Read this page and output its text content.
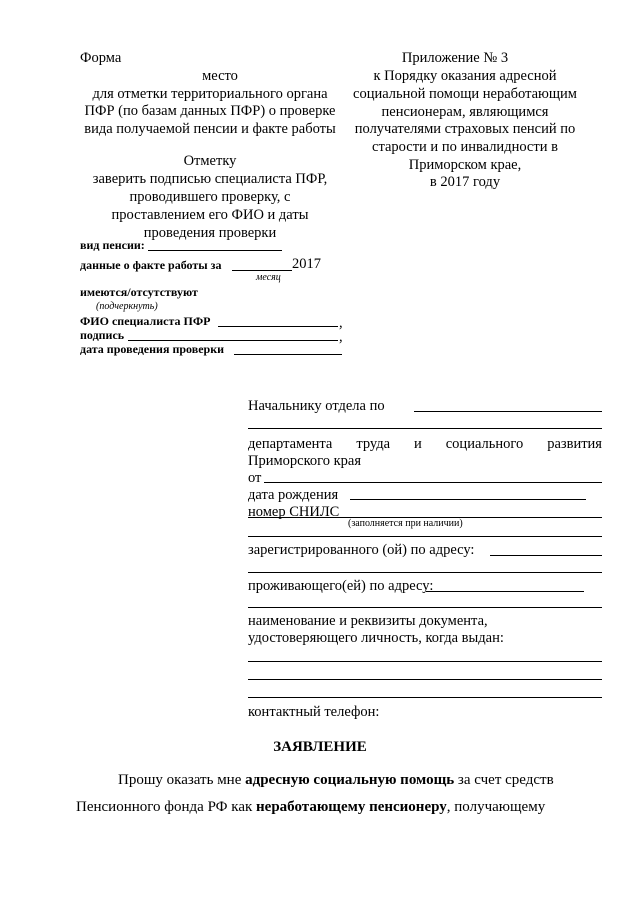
Форма
место
для отметки территориального органа
ПФР (по базам данных ПФР) о проверке
вида получаемой пенсии и факте работы
Отметку
заверить подписью специалиста ПФР,
проводившего проверку, с
проставлением его ФИО и даты
проведения проверки
вид пенсии:
данные о факте работы за	2017
месяц
имеются/отсутствуют
(подчеркнуть)
ФИО специалиста ПФР	,
подпись	,
дата проведения проверки
Приложение № 3
к Порядку оказания адресной
социальной помощи неработающим
пенсионерам, являющимся
получателями страховых пенсий по
старости и по инвалидности в
Приморском крае,
в 2017 году
Начальнику отдела по
департамента труда и социального развития
Приморского края
от
дата рождения
номер СНИЛС
(заполняется при наличии)
зарегистрированного (ой) по адресу:
проживающего(ей) по адресу:
наименование и реквизиты документа,
удостоверяющего личность, когда выдан:
контактный телефон:
ЗАЯВЛЕНИЕ
Прошу оказать мне адресную социальную помощь за счет средств
Пенсионного фонда РФ как неработающему пенсионеру, получающему
